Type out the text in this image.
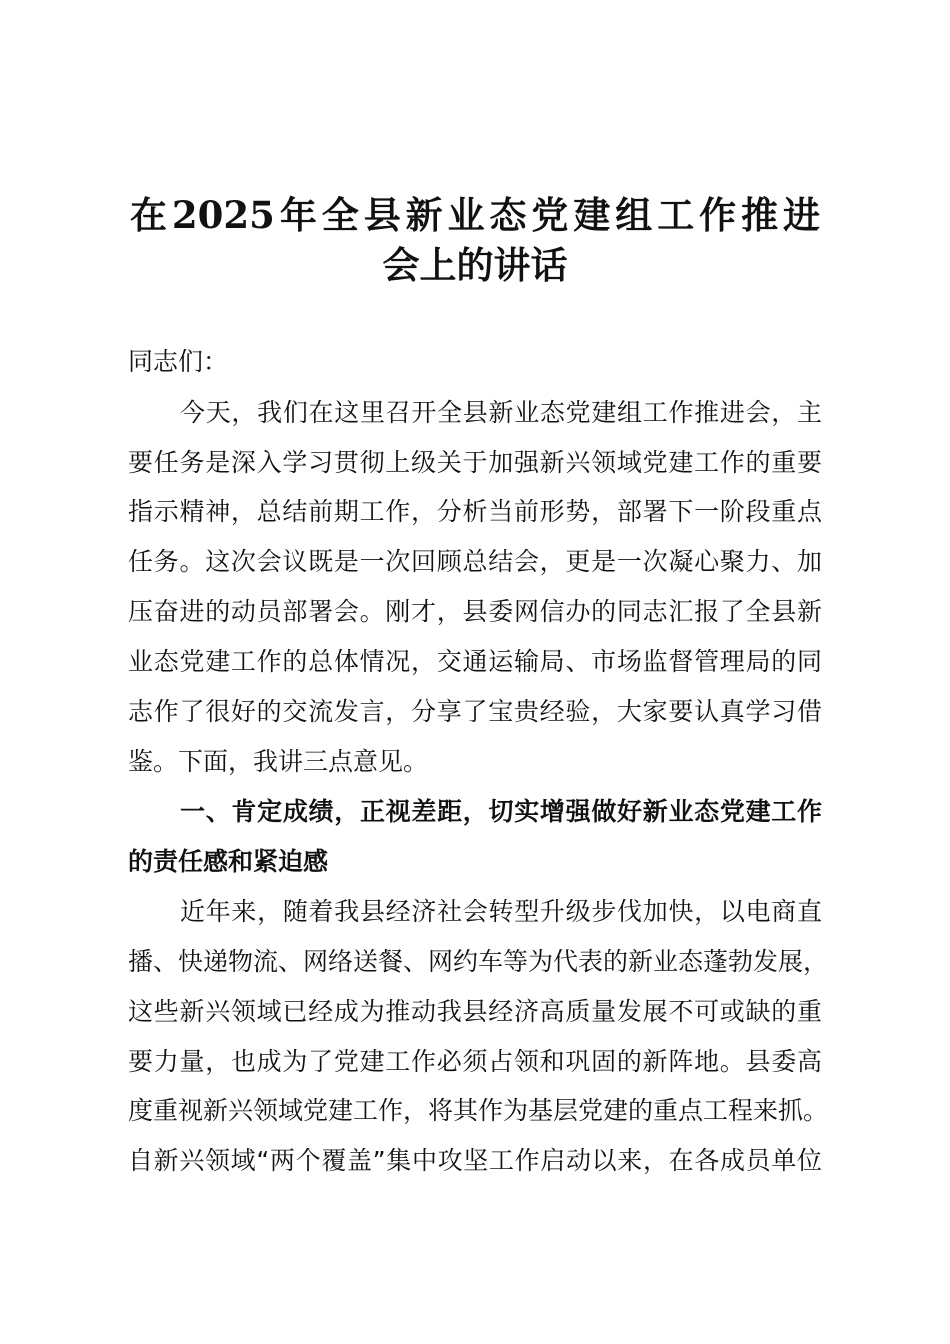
在2025年全县新业态党建组工作推进
会上的讲话
同志们：
今天，我们在这里召开全县新业态党建组工作推进会，主
要任务是深入学习贯彻上级关于加强新兴领域党建工作的重要
指示精神，总结前期工作，分析当前形势，部署下一阶段重点
任务。这次会议既是一次回顾总结会，更是一次凝心聚力、加
压奋进的动员部署会。刚才，县委网信办的同志汇报了全县新
业态党建工作的总体情况，交通运输局、市场监督管理局的同
志作了很好的交流发言，分享了宝贵经验，大家要认真学习借
鉴。下面，我讲三点意见。
一、肯定成绩，正视差距，切实增强做好新业态党建工作
的责任感和紧迫感
近年来，随着我县经济社会转型升级步伐加快，以电商直
播、快递物流、网络送餐、网约车等为代表的新业态蓬勃发展，
这些新兴领域已经成为推动我县经济高质量发展不可或缺的重
要力量，也成为了党建工作必须占领和巩固的新阵地。县委高
度重视新兴领域党建工作，将其作为基层党建的重点工程来抓。
自新兴领域“两个覆盖”集中攻坚工作启动以来，在各成员单位
